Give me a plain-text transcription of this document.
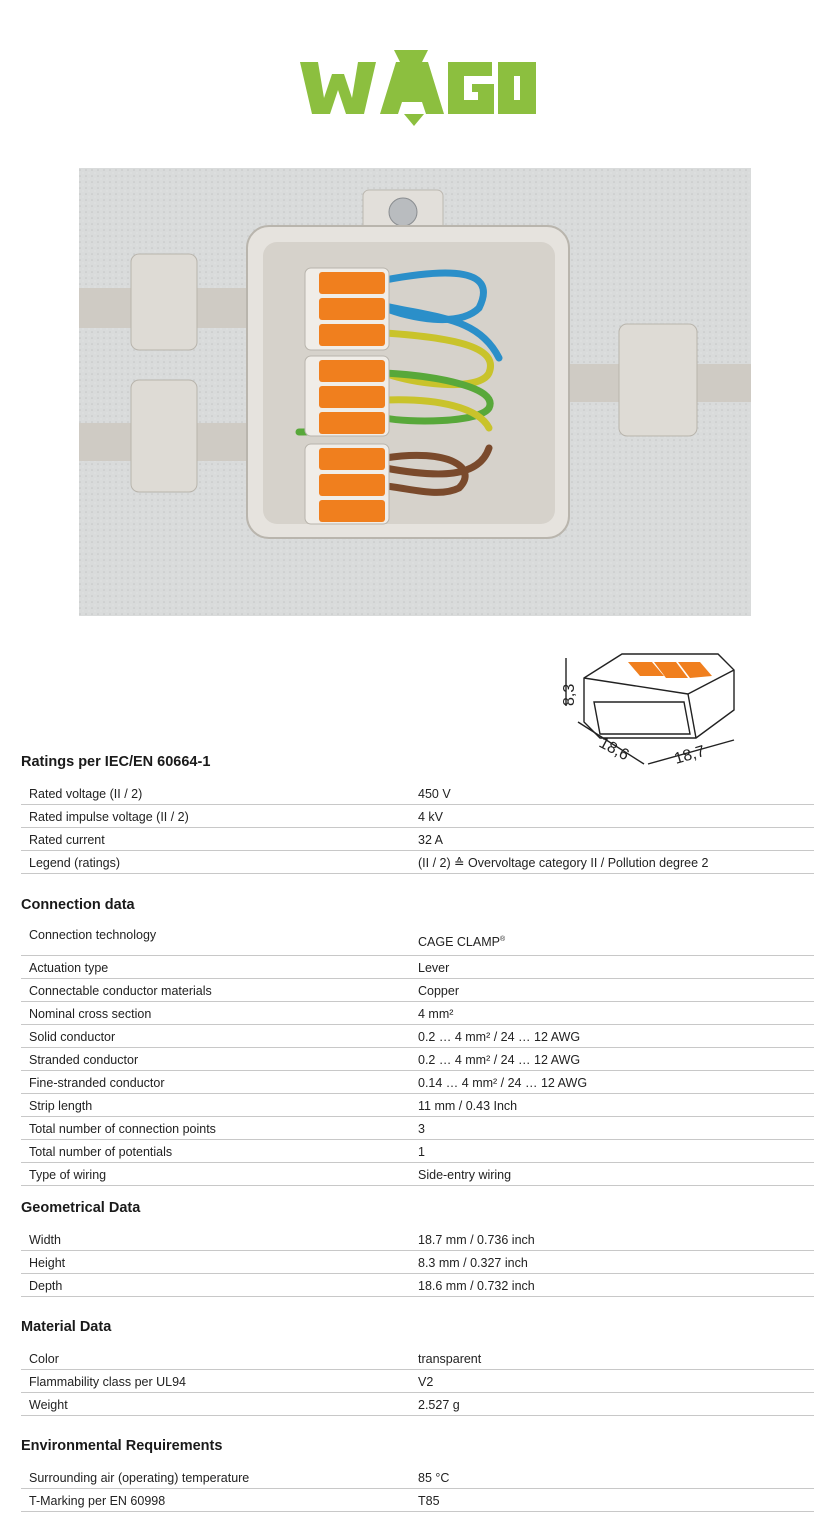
WAGO
8,3
18,6	18,7
Ratings per IEC/EN 60664-1
Rated voltage (II / 2)	450 V
Rated impulse voltage (II / 2)	4 kV
Rated current	32 A
Legend (ratings)	(II / 2) ≙ Overvoltage category II / Pollution degree 2
Connection data
Connection technology	CAGE CLAMP®
Actuation type	Lever
Connectable conductor materials	Copper
Nominal cross section	4 mm²
Solid conductor	0.2 … 4 mm² / 24 … 12 AWG
Stranded conductor	0.2 … 4 mm² / 24 … 12 AWG
Fine-stranded conductor	0.14 … 4 mm² / 24 … 12 AWG
Strip length	11 mm / 0.43 Inch
Total number of connection points	3
Total number of potentials	1
Type of wiring	Side-entry wiring
Geometrical Data
Width	18.7 mm / 0.736 inch
Height	8.3 mm / 0.327 inch
Depth	18.6 mm / 0.732 inch
Material Data
Color	transparent
Flammability class per UL94	V2
Weight	2.527 g
Environmental Requirements
Surrounding air (operating) temperature	85 °C
T-Marking per EN 60998	T85
